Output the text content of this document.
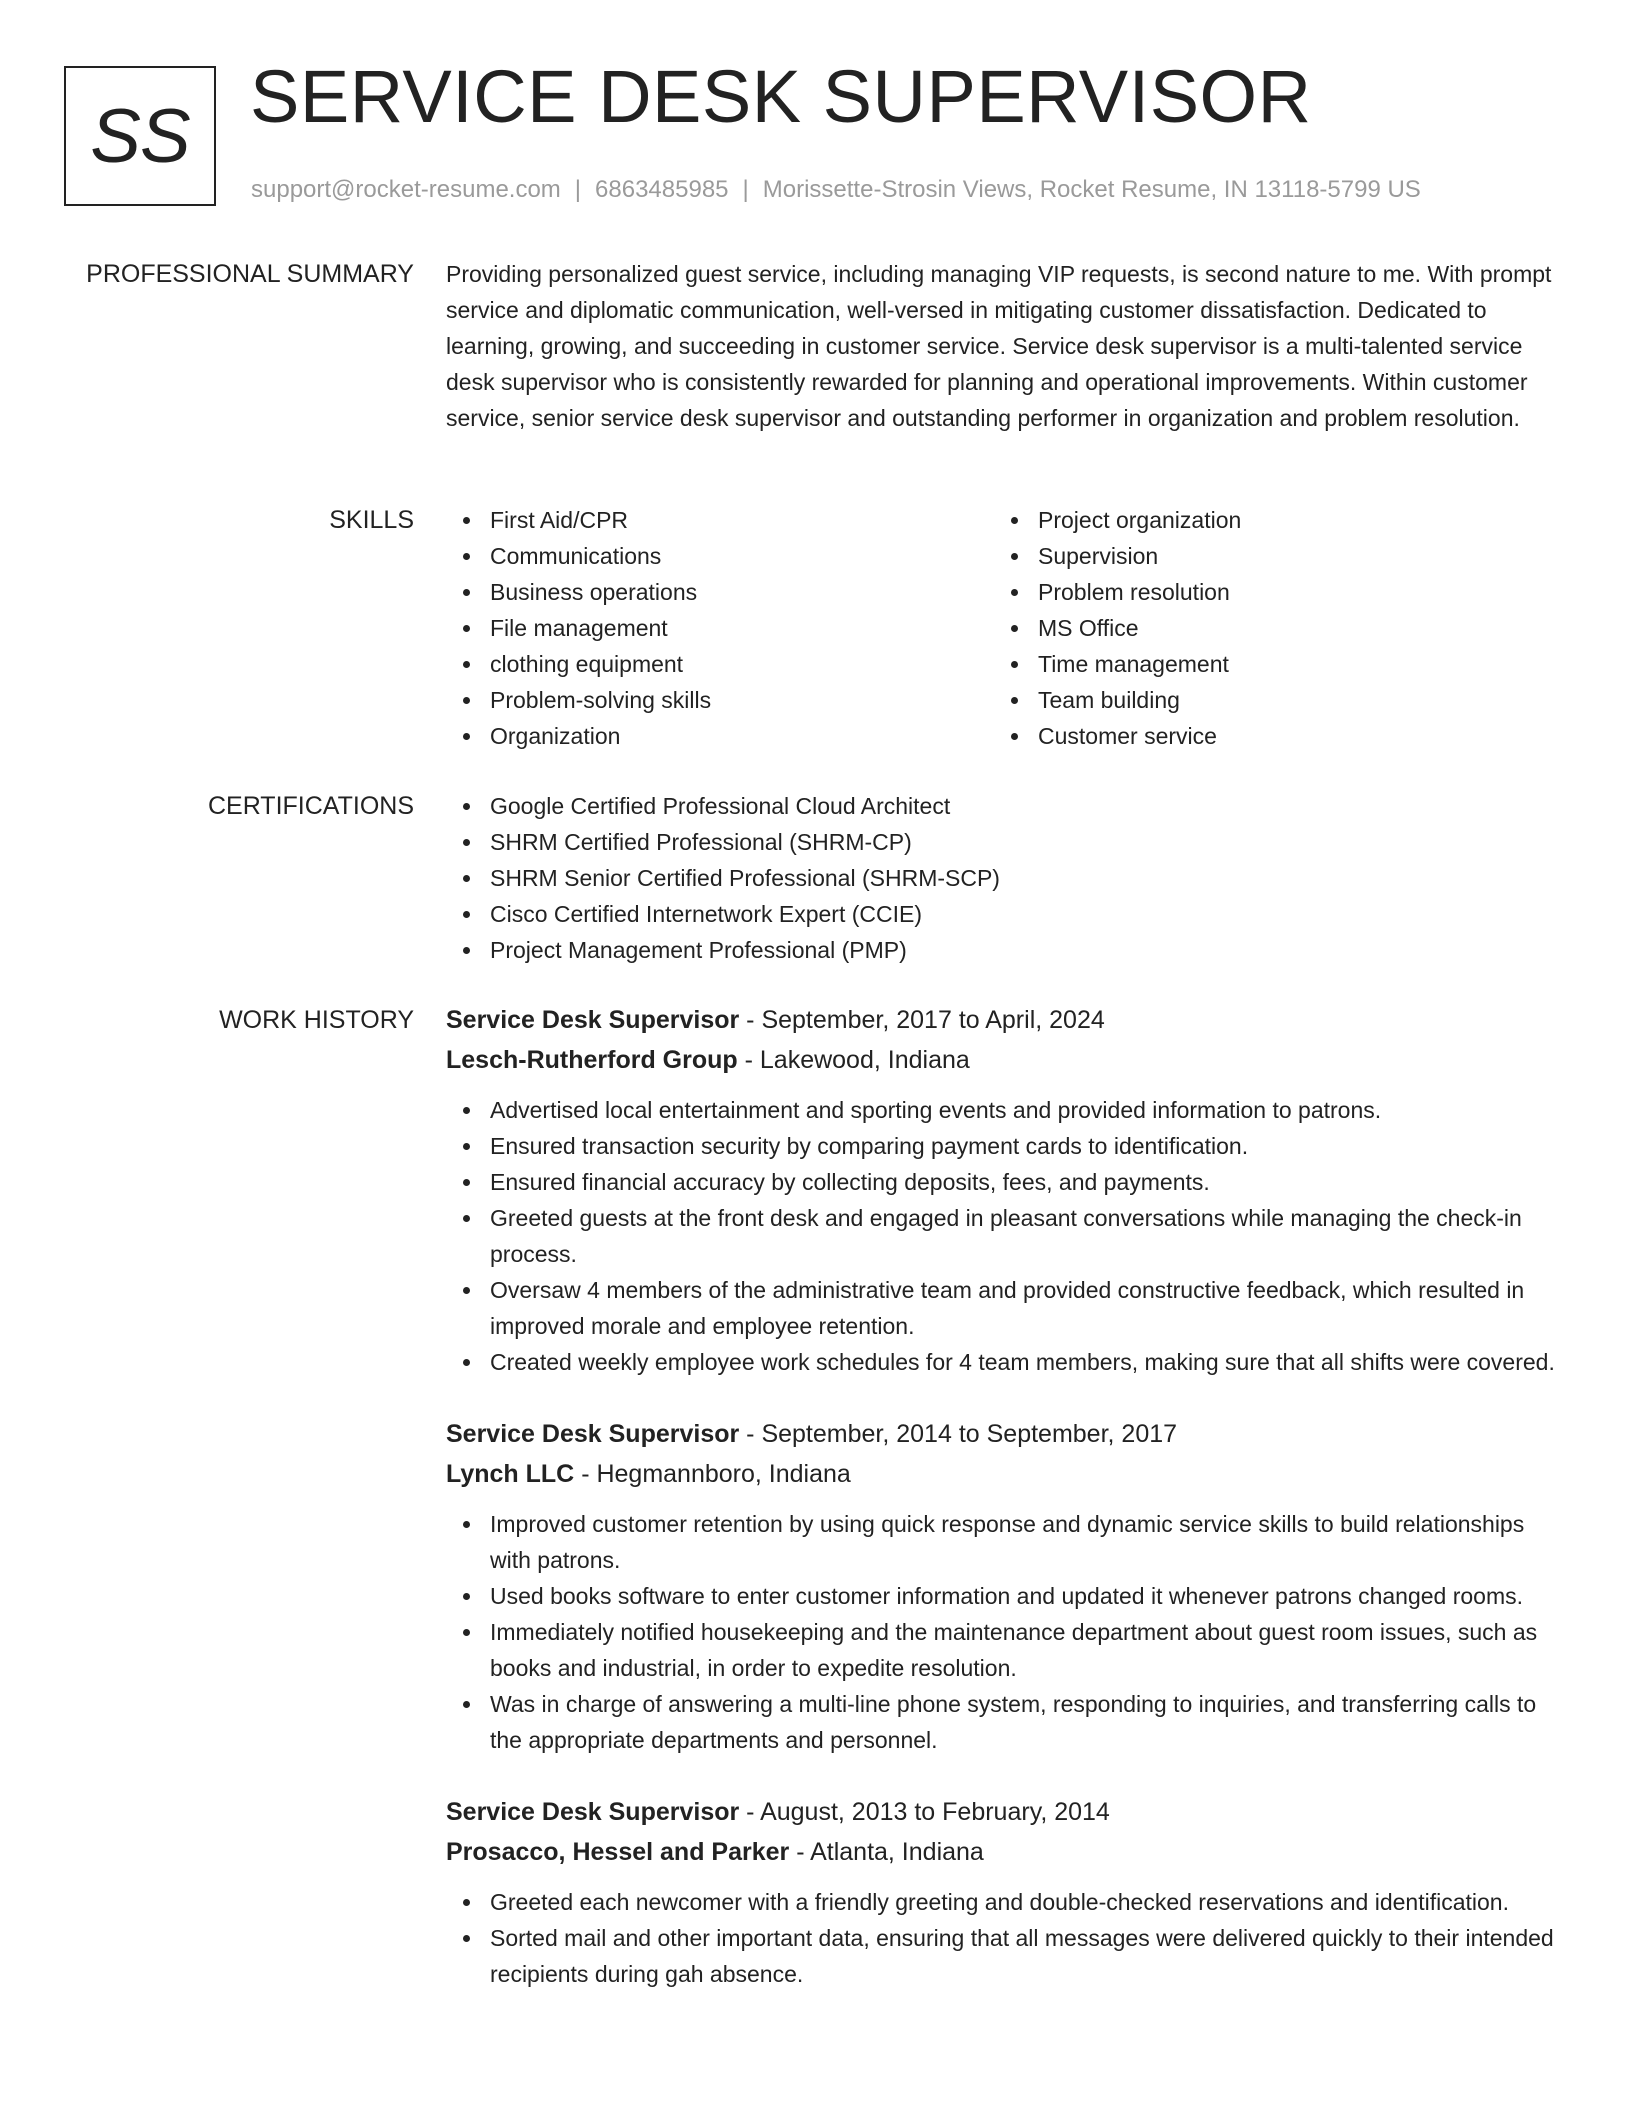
SS SERVICE DESK SUPERVISOR
support@rocket-resume.com | 6863485985 | Morissette-Strosin Views, Rocket Resume, IN 13118-5799 US
PROFESSIONAL SUMMARY Providing personalized guest service, including managing VIP requests, is second nature to me. With prompt service and diplomatic communication, well-versed in mitigating customer dissatisfaction. Dedicated to learning, growing, and succeeding in customer service. Service desk supervisor is a multi-talented service desk supervisor who is consistently rewarded for planning and operational improvements. Within customer service, senior service desk supervisor and outstanding performer in organization and problem resolution.

SKILLS	First Aid/CPR
Communications
Business operations
File management
clothing equipment
Problem-solving skills
Organization
Project organization
Supervision
Problem resolution
MS Office
Time management
Team building
Customer service
CERTIFICATIONS	Google Certified Professional Cloud Architect
SHRM Certified Professional (SHRM-CP)
SHRM Senior Certified Professional (SHRM-SCP)
Cisco Certified Internetwork Expert (CCIE)
Project Management Professional (PMP)
WORK HISTORY Service Desk Supervisor - September, 2017 to April, 2024
Lesch-Rutherford Group - Lakewood, Indiana
Advertised local entertainment and sporting events and provided information to patrons.
Ensured transaction security by comparing payment cards to identification.
Ensured financial accuracy by collecting deposits, fees, and payments.
Greeted guests at the front desk and engaged in pleasant conversations while managing the check-in process.
Oversaw 4 members of the administrative team and provided constructive feedback, which resulted in improved morale and employee retention.
Created weekly employee work schedules for 4 team members, making sure that all shifts were covered.
Service Desk Supervisor - September, 2014 to September, 2017
Lynch LLC - Hegmannboro, Indiana
Improved customer retention by using quick response and dynamic service skills to build relationships with patrons.
Used books software to enter customer information and updated it whenever patrons changed rooms.
Immediately notified housekeeping and the maintenance department about guest room issues, such as books and industrial, in order to expedite resolution.
Was in charge of answering a multi-line phone system, responding to inquiries, and transferring calls to the appropriate departments and personnel.
Service Desk Supervisor - August, 2013 to February, 2014
Prosacco, Hessel and Parker - Atlanta, Indiana
Greeted each newcomer with a friendly greeting and double-checked reservations and identification.
Sorted mail and other important data, ensuring that all messages were delivered quickly to their intended recipients during gah absence.
